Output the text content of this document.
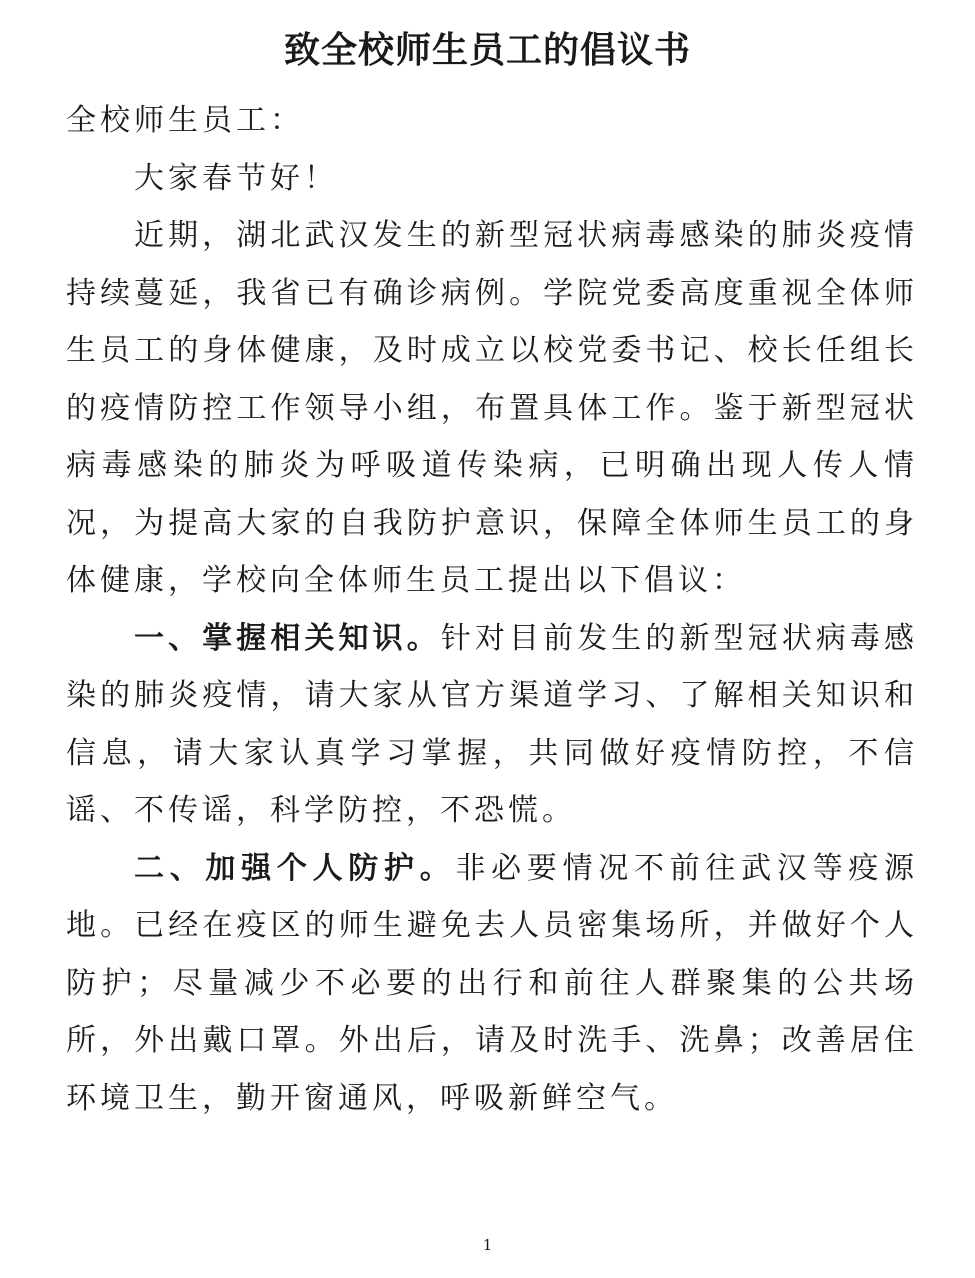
致全校师生员工的倡议书

全校师生员工：

大家春节好！

近期，湖北武汉发生的新型冠状病毒感染的肺炎疫情持续蔓延，我省已有确诊病例。学院党委高度重视全体师生员工的身体健康，及时成立以校党委书记、校长任组长的疫情防控工作领导小组，布置具体工作。鉴于新型冠状病毒感染的肺炎为呼吸道传染病，已明确出现人传人情况，为提高大家的自我防护意识，保障全体师生员工的身体健康，学校向全体师生员工提出以下倡议：

一、掌握相关知识。针对目前发生的新型冠状病毒感染的肺炎疫情，请大家从官方渠道学习、了解相关知识和信息，请大家认真学习掌握，共同做好疫情防控，不信谣、不传谣，科学防控，不恐慌。

二、加强个人防护。非必要情况不前往武汉等疫源地。已经在疫区的师生避免去人员密集场所，并做好个人防护；尽量减少不必要的出行和前往人群聚集的公共场所，外出戴口罩。外出后，请及时洗手、洗鼻；改善居住环境卫生，勤开窗通风，呼吸新鲜空气。

1
